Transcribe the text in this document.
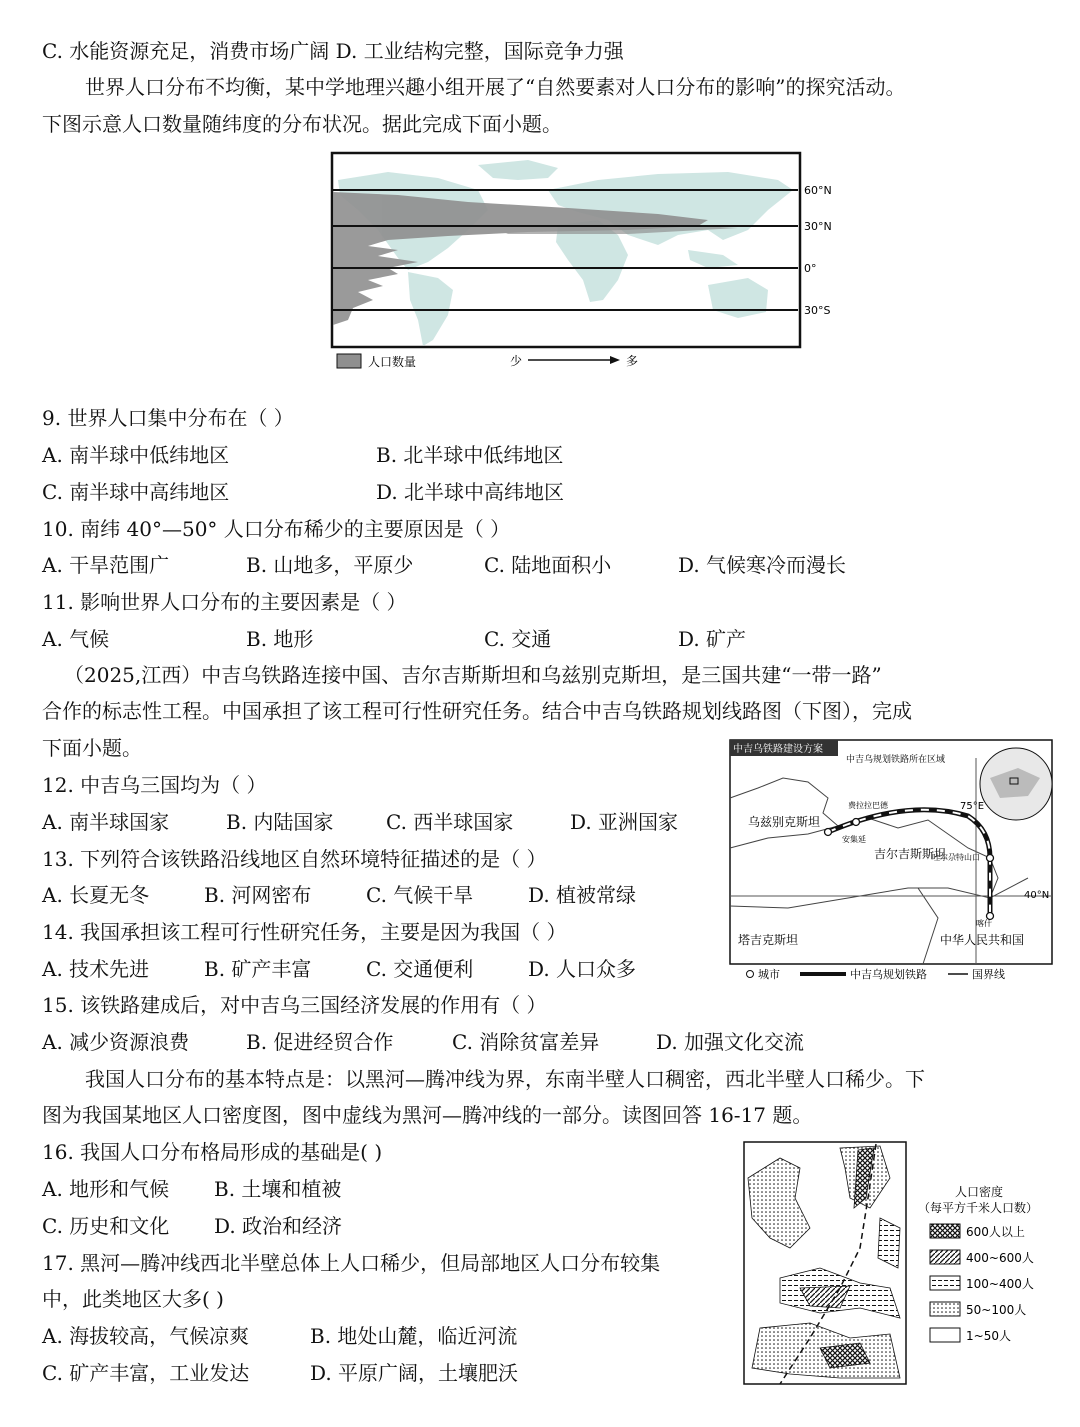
C. 水能资源充足，消费市场广阔 D. 工业结构完整，国际竞争力强
世界人口分布不均衡，某中学地理兴趣小组开展了“自然要素对人口分布的影响”的探究活动。
下图示意人口数量随纬度的分布状况。据此完成下面小题。
60°N
30°N
0°
30°S
人口数量	少	多
9. 世界人口集中分布在（ ）
A. 南半球中低纬地区	B. 北半球中低纬地区
C. 南半球中高纬地区	D. 北半球中高纬地区
10. 南纬 40°—50° 人口分布稀少的主要原因是（ ）
A. 干旱范围广	B. 山地多，平原少	C. 陆地面积小	D. 气候寒冷而漫长
11. 影响世界人口分布的主要因素是（ ）
A. 气候	B. 地形	C. 交通	D. 矿产
（2025,江西）中吉乌铁路连接中国、吉尔吉斯斯坦和乌兹别克斯坦，是三国共建“一带一路”
合作的标志性工程。中国承担了该工程可行性研究任务。结合中吉乌铁路规划线路图（下图），完成
下面小题。
12. 中吉乌三国均为（ ）
A. 南半球国家	B. 内陆国家	C. 西半球国家	D. 亚洲国家
13. 下列符合该铁路沿线地区自然环境特征描述的是（ ）
A. 长夏无冬	B. 河网密布	C. 气候干旱	D. 植被常绿
14. 我国承担该工程可行性研究任务，主要是因为我国（ ）
A. 技术先进	B. 矿产丰富	C. 交通便利	D. 人口众多
15. 该铁路建成后，对中吉乌三国经济发展的作用有（ ）
A. 减少资源浪费	B. 促进经贸合作	C. 消除贫富差异	D. 加强文化交流
中吉乌铁路建设方案
75°E
40°N
中吉乌规划铁路所在区域
费拉拉巴德
安集延
吐尔尕特山口
喀什
乌兹别克斯坦
吉尔吉斯斯坦
塔吉克斯坦	中华人民共和国
城市	中吉乌规划铁路	国界线
我国人口分布的基本特点是：以黑河—腾冲线为界，东南半壁人口稠密，西北半壁人口稀少。下
图为我国某地区人口密度图，图中虚线为黑河—腾冲线的一部分。读图回答 16-17 题。
16. 我国人口分布格局形成的基础是( )
A. 地形和气候 B. 土壤和植被
C. 历史和文化 D. 政治和经济
17. 黑河—腾冲线西北半壁总体上人口稀少，但局部地区人口分布较集
中，此类地区大多( )
A. 海拔较高，气候凉爽	B. 地处山麓，临近河流
C. 矿产丰富，工业发达	D. 平原广阔，土壤肥沃
人口密度
（每平方千米人口数）
600人以上
400~600人
100~400人
50~100人
1~50人
